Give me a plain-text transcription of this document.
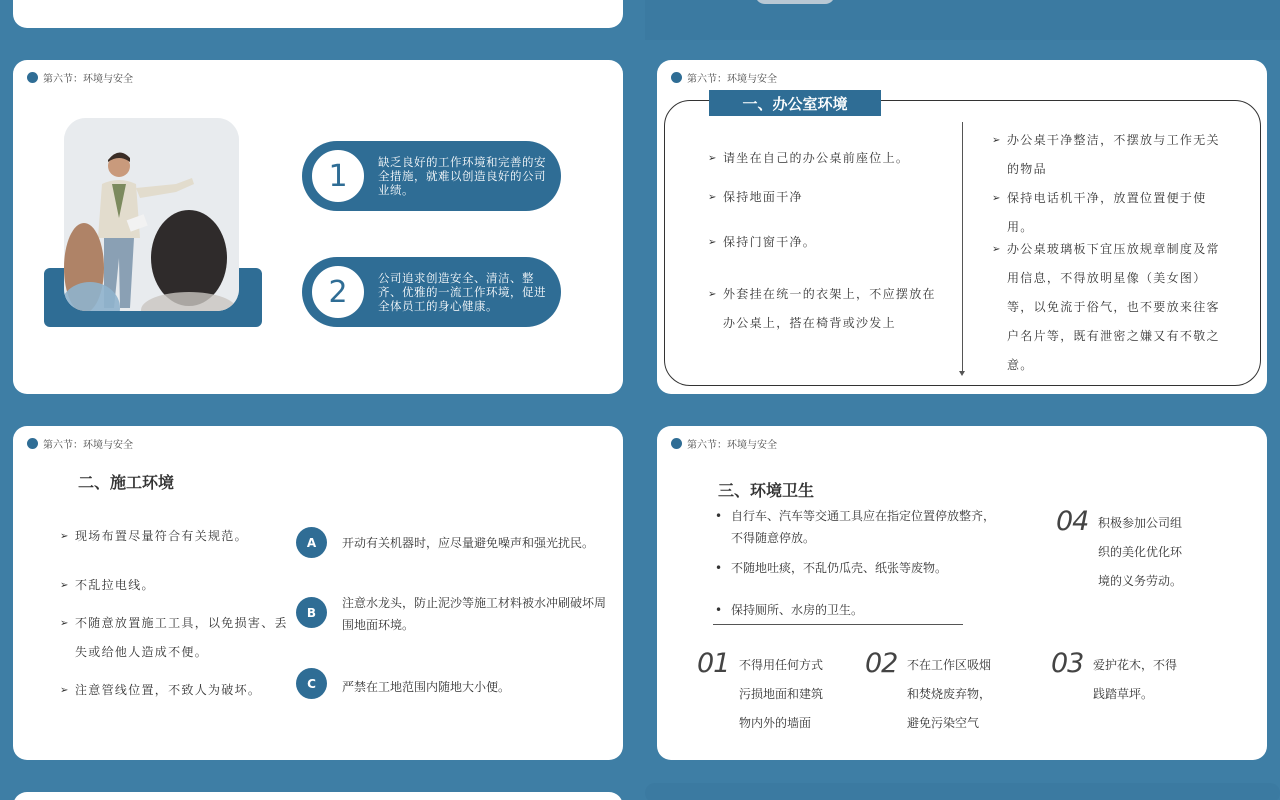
第六节：环境与安全
1	缺乏良好的工作环境和完善的安全措施，就难以创造良好的公司业绩。
2	公司追求创造安全、清洁、整齐、优雅的一流工作环境，促进全体员工的身心健康。
第六节：环境与安全
一、办公室环境
➢ 请坐在自己的办公桌前座位上。
➢ 保持地面干净
➢ 保持门窗干净。
➢ 外套挂在统一的衣架上，不应摆放在办公桌上，搭在椅背或沙发上
➢ 办公桌干净整洁，不摆放与工作无关的物品
➢ 保持电话机干净，放置位置便于使用。
➢ 办公桌玻璃板下宜压放规章制度及常用信息，不得放明星像（美女图）等，以免流于俗气，也不要放来往客户名片等，既有泄密之嫌又有不敬之意。
第六节：环境与安全
二、施工环境
➢ 现场布置尽量符合有关规范。
➢ 不乱拉电线。
➢ 不随意放置施工工具，以免损害、丢失或给他人造成不便。
➢ 注意管线位置，不致人为破坏。
A	开动有关机器时，应尽量避免噪声和强光扰民。
B
注意水龙头，防止泥沙等施工材料被水冲刷破坏周围地面环境。
C	严禁在工地范围内随地大小便。
第六节：环境与安全
三、环境卫生
• 自行车、汽车等交通工具应在指定位置停放整齐，不得随意停放。
• 不随地吐痰，不乱仍瓜壳、纸张等废物。
• 保持厕所、水房的卫生。
01 不得用任何方式污损地面和建筑物内外的墙面
02 不在工作区吸烟和焚烧废弃物，避免污染空气
03 爱护花木，不得践踏草坪。
04 积极参加公司组织的美化优化环境的义务劳动。
